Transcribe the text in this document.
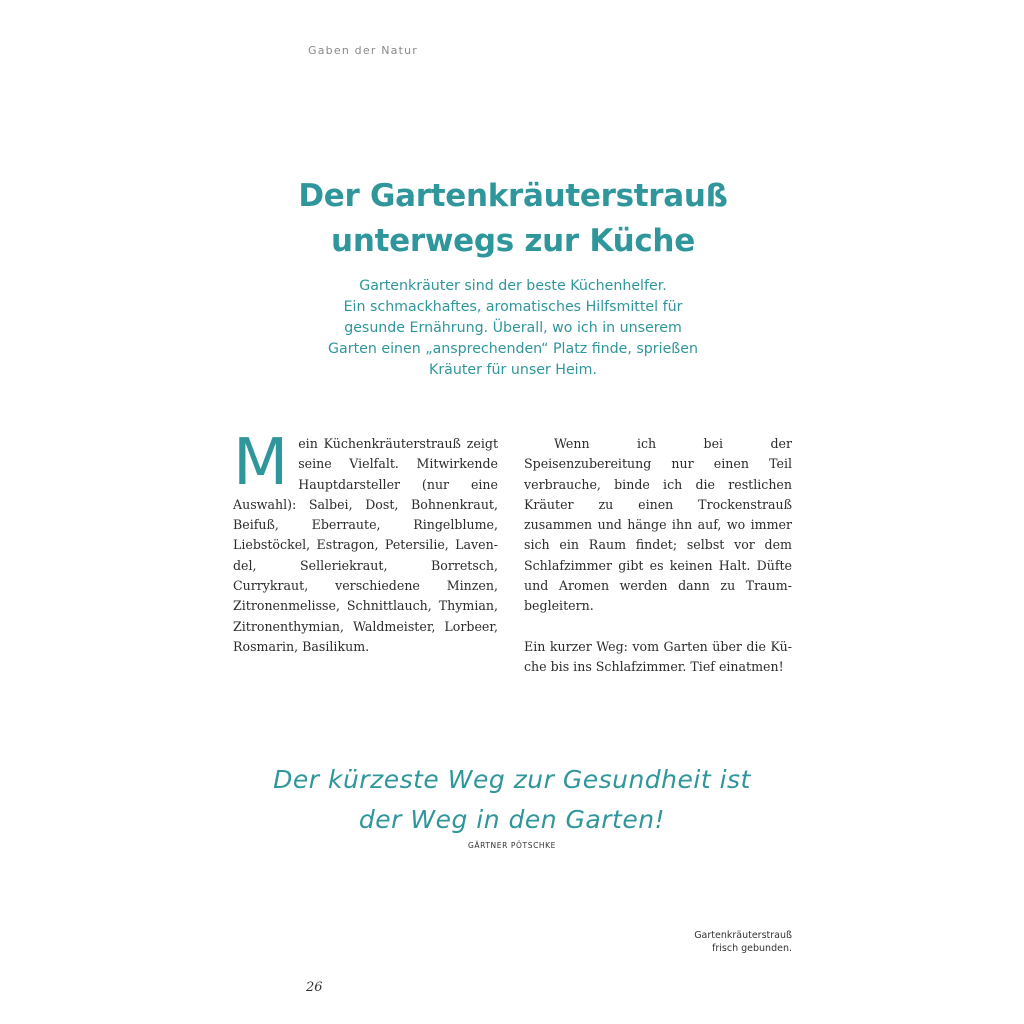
Gaben der Natur
Der Gartenkräuterstrauß
unterwegs zur Küche
Gartenkräuter sind der beste Küchenhelfer.
Ein schmackhaftes, aromatisches Hilfsmittel für
gesunde Ernährung. Überall, wo ich in unserem
Garten einen „ansprechenden“ Platz finde, sprießen
Kräuter für unser Heim.
M ein Küchenkräuterstrauß zeigt seine Vielfalt. Mitwirkende Hauptdarsteller (nur eine Auswahl): Salbei, Dost, Bohnenkraut, Beifuß, Eberraute, Ringelblume, Liebstöckel, Estragon, Petersilie, Lavendel, Selleriekraut, Borretsch, Currykraut, verschiedene Minzen, Zitronenmelisse, Schnittlauch, Thymian, Zitronenthymian, Waldmeister, Lorbeer, Rosmarin, Basilikum.

Wenn ich bei der Speisenzubereitung nur einen Teil verbrauche, binde ich die restlichen Kräuter zu einen Trockenstrauß zusammen und hänge ihn auf, wo immer sich ein Raum findet; selbst vor dem Schlafzimmer gibt es keinen Halt. Düfte und Aromen werden dann zu Traumbegleitern.

Ein kurzer Weg: vom Garten über die Küche bis ins Schlafzimmer. Tief einatmen!

Der kürzeste Weg zur Gesundheit ist
der Weg in den Garten!
GÄRTNER PÖTSCHKE
Gartenkräuterstrauß
frisch gebunden.
26
